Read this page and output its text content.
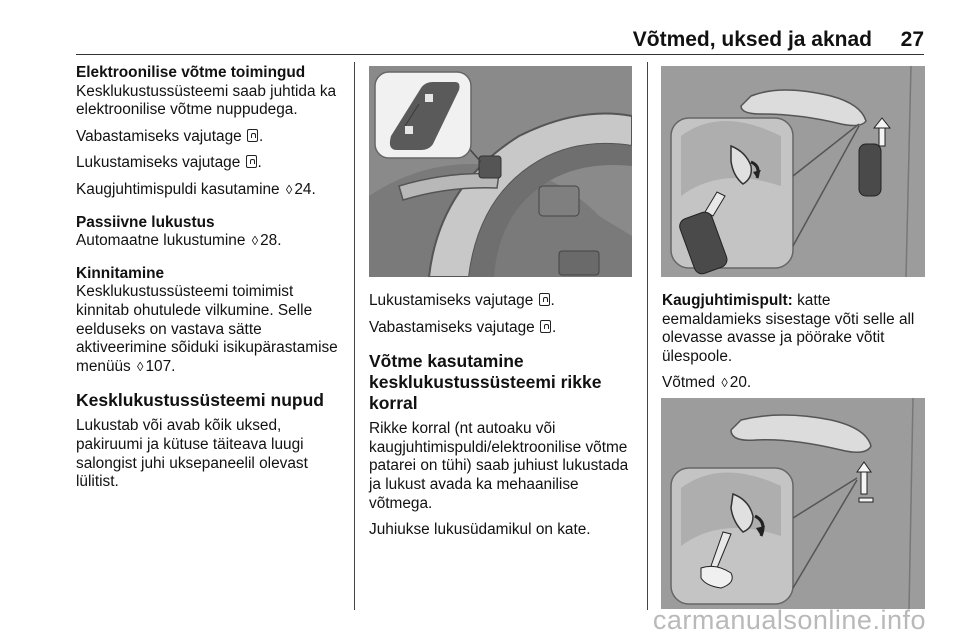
Võtmed, uksed ja aknad 27

Elektroonilise võtme toimingud

Kesklukustussüsteemi saab juhtida ka elektroonilise võtme nuppudega.

Vabastamiseks vajutage .

Lukustamiseks vajutage .

Kaugjuhtimispuldi kasutamine ◊ 24.

Passiivne lukustus

Automaatne lukustumine ◊ 28.

Kinnitamine

Kesklukustussüsteemi toimimist kinnitab ohutulede vilkumine. Selle eelduseks on vastava sätte aktiveerimine sõiduki isikupärastamise menüüs ◊ 107.

Kesklukustussüsteemi nupud

Lukustab või avab kõik uksed, pakiruumi ja kütuse täiteava luugi salongist juhi uksepaneelil olevast lülitist.

Lukustamiseks vajutage .

Vabastamiseks vajutage .

Võtme kasutamine kesklukustussüsteemi rikke korral

Rikke korral (nt autoaku või kaugjuhtimispuldi/elektroonilise võtme patarei on tühi) saab juhiust lukustada ja lukust avada ka mehaanilise võtmega.

Juhiukse lukusüdamikul on kate.

Kaugjuhtimispult: katte eemaldamieks sisestage võti selle all olevasse avasse ja pöörake võtit ülespoole.

Võtmed ◊ 20.

carmanualsonline.info
